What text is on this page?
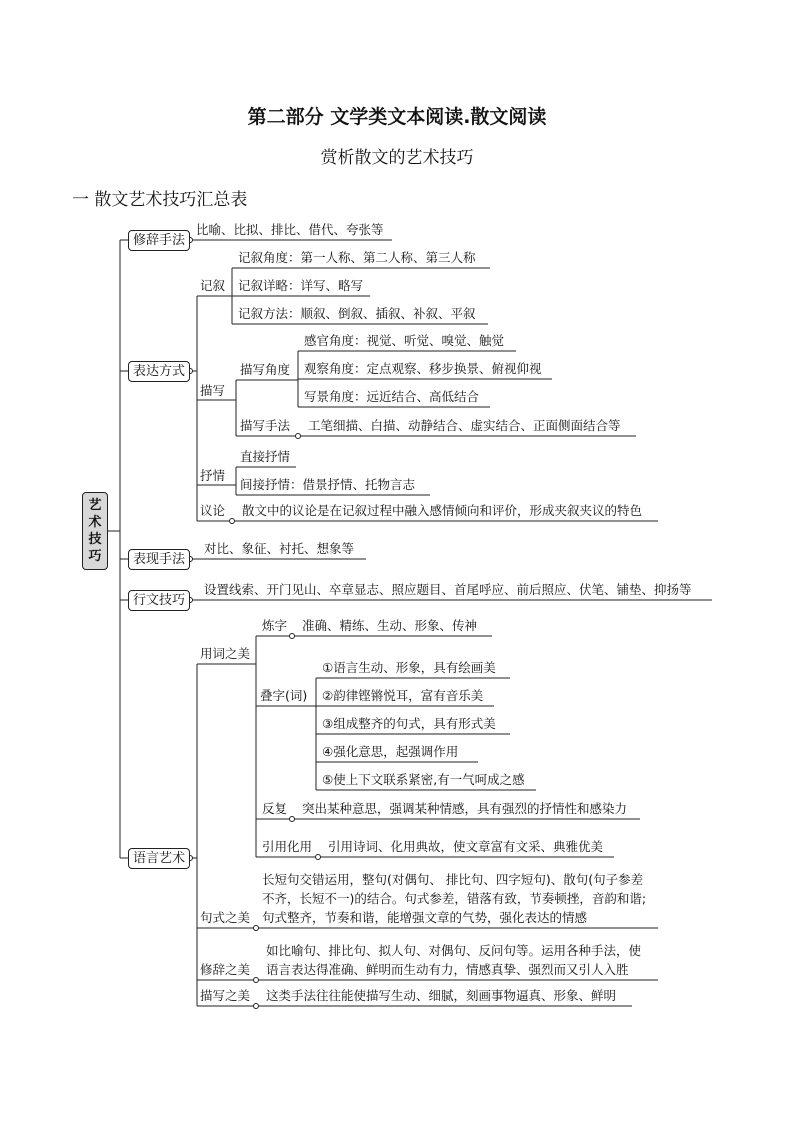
第二部分 文学类文本阅读.散文阅读
赏析散文的艺术技巧
一 散文艺术技巧汇总表
艺
术
技
巧
修辞手法
表达方式
表现手法
行文技巧
语言艺术
比喻、比拟、排比、借代、夸张等
记叙
记叙角度：第一人称、第二人称、第三人称
记叙详略：详写、略写
记叙方法：顺叙、倒叙、插叙、补叙、平叙
描写
描写角度
感官角度：视觉、听觉、嗅觉、触觉
观察角度：定点观察、移步换景、俯视仰视
写景角度：远近结合、高低结合
描写手法 工笔细描、白描、动静结合、虚实结合、正面侧面结合等
抒情
直接抒情
间接抒情：借景抒情、托物言志
议论 散文中的议论是在记叙过程中融入感情倾向和评价，形成夹叙夹议的特色
对比、象征、衬托、想象等
设置线索、开门见山、卒章显志、照应题目、首尾呼应、前后照应、伏笔、铺垫、抑扬等
用词之美
炼字 准确、精练、生动、形象、传神
叠字(词)
①语言生动、形象，具有绘画美
②韵律铿锵悦耳，富有音乐美
③组成整齐的句式，具有形式美
④强化意思，起强调作用
⑤使上下文联系紧密,有一气呵成之感
反复 突出某种意思，强调某种情感，具有强烈的抒情性和感染力
引用化用 引用诗词、化用典故，使文章富有文采、典雅优美
句式之美
长短句交错运用，整句(对偶句、 排比句、四字短句)、散句(句子参差
不齐，长短不一)的结合。句式参差，错落有致，节奏顿挫，音韵和谐;
句式整齐，节奏和谐，能增强文章的气势，强化表达的情感
修辞之美
如比喻句、排比句、拟人句、对偶句、反问句等。运用各种手法，使
语言表达得准确、鲜明而生动有力，情感真挚、强烈而又引人入胜
描写之美 这类手法往往能使描写生动、细腻，刻画事物逼真、形象、鲜明
